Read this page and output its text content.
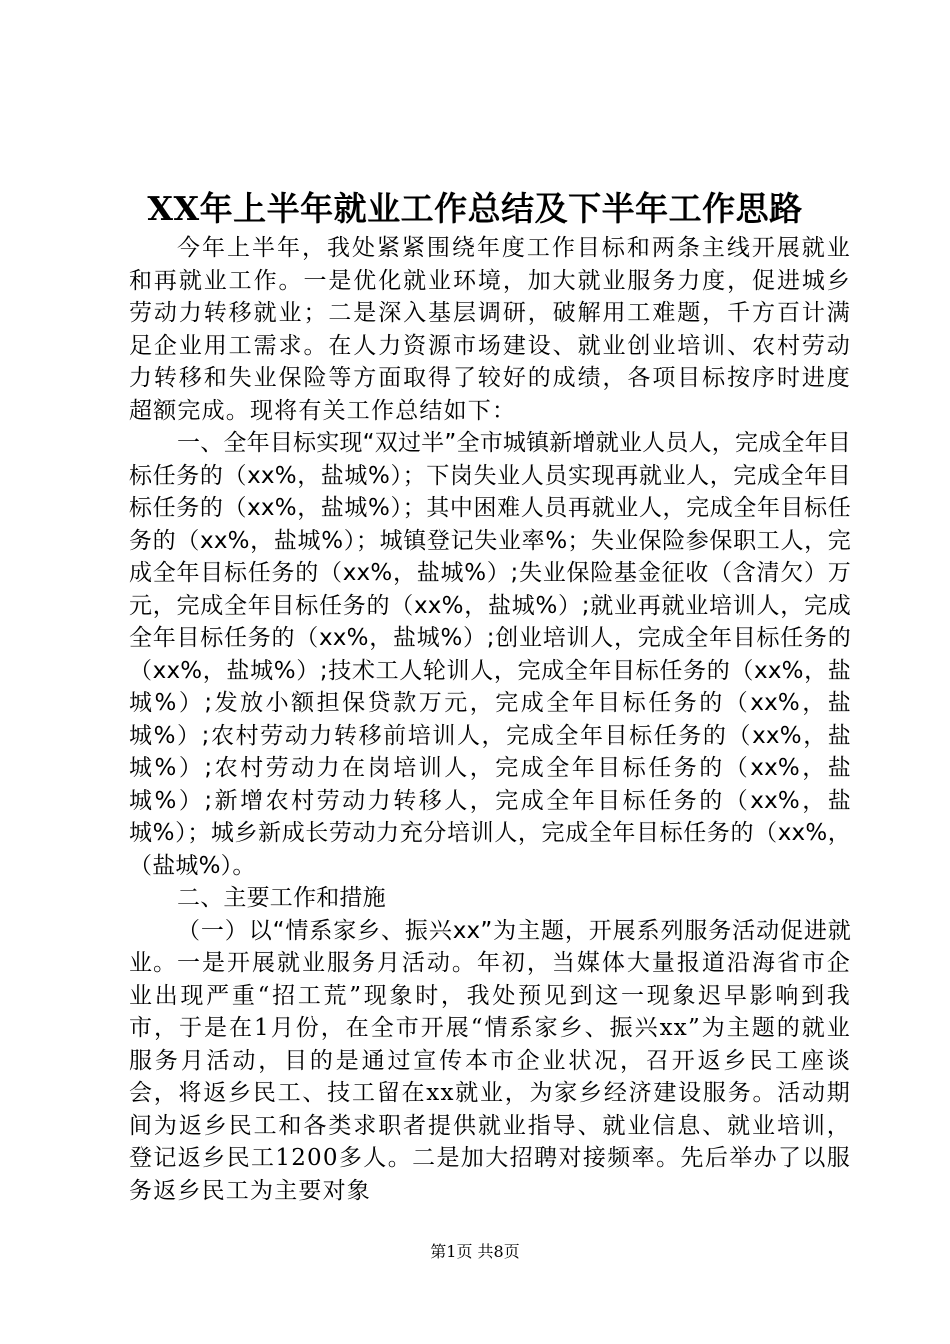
XX年上半年就业工作总结及下半年工作思路

今年上半年，我处紧紧围绕年度工作目标和两条主线开展就业和再就业工作。一是优化就业环境，加大就业服务力度，促进城乡劳动力转移就业；二是深入基层调研，破解用工难题，千方百计满足企业用工需求。在人力资源市场建设、就业创业培训、农村劳动力转移和失业保险等方面取得了较好的成绩，各项目标按序时进度超额完成。现将有关工作总结如下：

一、全年目标实现“双过半”全市城镇新增就业人员人，完成全年目标任务的（xx%，盐城%）；下岗失业人员实现再就业人，完成全年目标任务的（xx%，盐城%）；其中困难人员再就业人，完成全年目标任务的（xx%，盐城%）；城镇登记失业率%；失业保险参保职工人，完成全年目标任务的（xx%，盐城%）;失业保险基金征收（含清欠）万元，完成全年目标任务的（xx%，盐城%）;就业再就业培训人，完成全年目标任务的（xx%，盐城%）;创业培训人，完成全年目标任务的（xx%，盐城%）;技术工人轮训人，完成全年目标任务的（xx%，盐城%）;发放小额担保贷款万元，完成全年目标任务的（xx%，盐城%）;农村劳动力转移前培训人，完成全年目标任务的（xx%，盐城%）;农村劳动力在岗培训人，完成全年目标任务的（xx%，盐城%）;新增农村劳动力转移人，完成全年目标任务的（xx%，盐城%）；城乡新成长劳动力充分培训人，完成全年目标任务的（xx%，（盐城%）。

二、主要工作和措施

（一）以“情系家乡、振兴xx”为主题，开展系列服务活动促进就业。一是开展就业服务月活动。年初，当媒体大量报道沿海省市企业出现严重“招工荒”现象时，我处预见到这一现象迟早影响到我市，于是在1月份，在全市开展“情系家乡、振兴xx”为主题的就业服务月活动，目的是通过宣传本市企业状况，召开返乡民工座谈会，将返乡民工、技工留在xx就业，为家乡经济建设服务。活动期间为返乡民工和各类求职者提供就业指导、就业信息、就业培训，登记返乡民工1200多人。二是加大招聘对接频率。先后举办了以服务返乡民工为主要对象

第1页 共8页
